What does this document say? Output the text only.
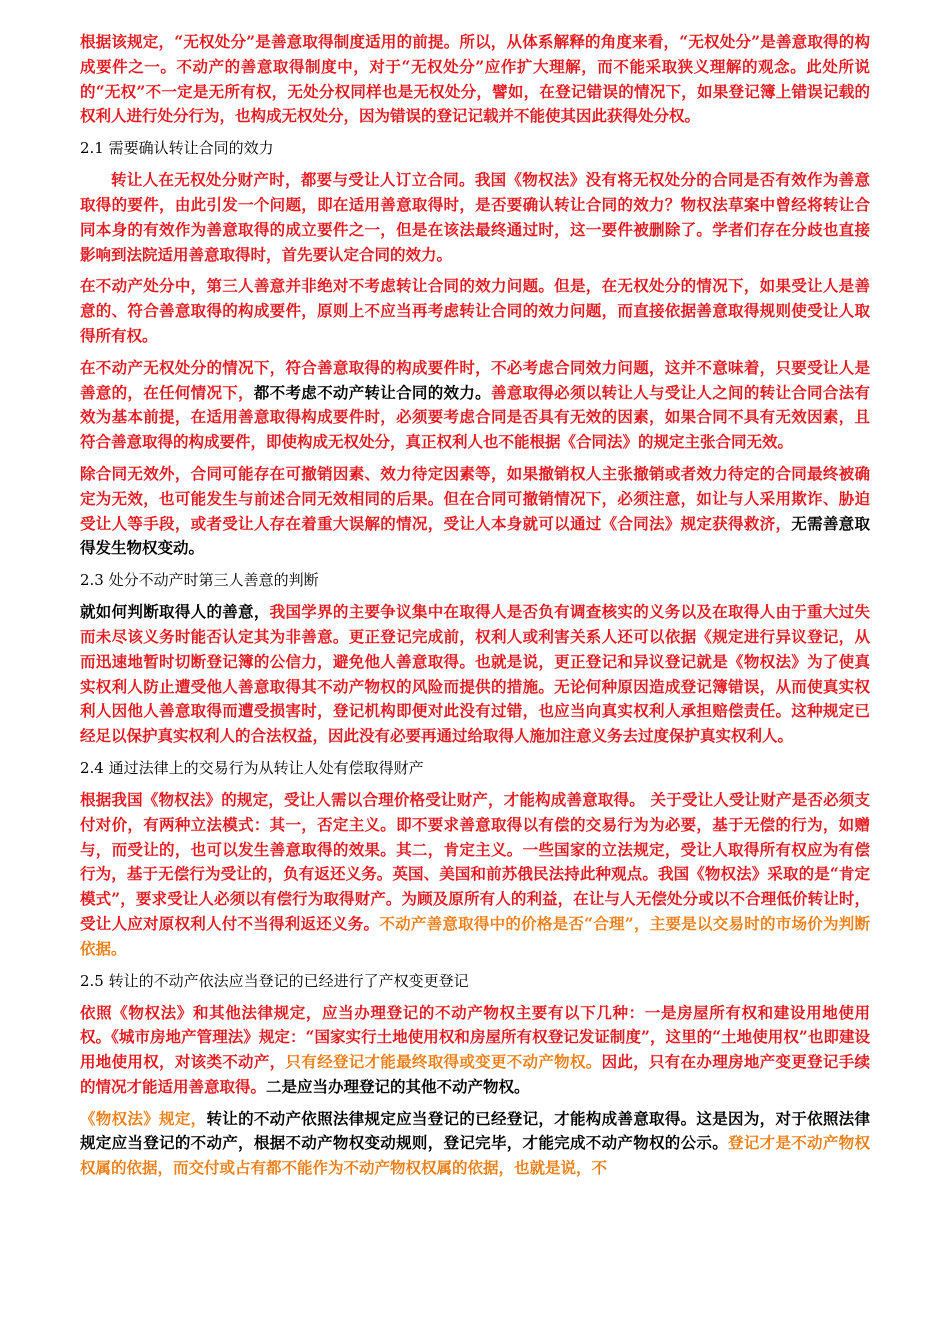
根据该规定，“无权处分”是善意取得制度适用的前提。所以，从体系解释的角度来看，“无权处分”是善意取得的构成要件之一。不动产的善意取得制度中，对于“无权处分”应作扩大理解，而不能采取狭义理解的观念。此处所说的“无权”不一定是无所有权，无处分权同样也是无权处分，譬如，在登记错误的情况下，如果登记簿上错误记载的权利人进行处分行为，也构成无权处分，因为错误的登记记载并不能使其因此获得处分权。

2.1 需要确认转让合同的效力

转让人在无权处分财产时，都要与受让人订立合同。我国《物权法》没有将无权处分的合同是否有效作为善意取得的要件，由此引发一个问题，即在适用善意取得时，是否要确认转让合同的效力？物权法草案中曾经将转让合同本身的有效作为善意取得的成立要件之一，但是在该法最终通过时，这一要件被删除了。学者们存在分歧也直接影响到法院适用善意取得时，首先要认定合同的效力。

在不动产处分中，第三人善意并非绝对不考虑转让合同的效力问题。但是，在无权处分的情况下，如果受让人是善意的、符合善意取得的构成要件，原则上不应当再考虑转让合同的效力问题，而直接依据善意取得规则使受让人取得所有权。

在不动产无权处分的情况下，符合善意取得的构成要件时，不必考虑合同效力问题，这并不意味着，只要受让人是善意的，在任何情况下，都不考虑不动产转让合同的效力。善意取得必须以转让人与受让人之间的转让合同合法有效为基本前提，在适用善意取得构成要件时，必须要考虑合同是否具有无效的因素，如果合同不具有无效因素，且符合善意取得的构成要件，即使构成无权处分，真正权利人也不能根据《合同法》的规定主张合同无效。

除合同无效外，合同可能存在可撤销因素、效力待定因素等，如果撤销权人主张撤销或者效力待定的合同最终被确定为无效，也可能发生与前述合同无效相同的后果。但在合同可撤销情况下，必须注意，如让与人采用欺诈、胁迫受让人等手段，或者受让人存在着重大误解的情况，受让人本身就可以通过《合同法》规定获得救济，无需善意取得发生物权变动。

2.3 处分不动产时第三人善意的判断

就如何判断取得人的善意，我国学界的主要争议集中在取得人是否负有调查核实的义务以及在取得人由于重大过失而未尽该义务时能否认定其为非善意。更正登记完成前，权利人或利害关系人还可以依据《规定进行异议登记，从而迅速地暂时切断登记簿的公信力，避免他人善意取得。也就是说，更正登记和异议登记就是《物权法》为了使真实权利人防止遭受他人善意取得其不动产物权的风险而提供的措施。无论何种原因造成登记簿错误，从而使真实权利人因他人善意取得而遭受损害时，登记机构即便对此没有过错，也应当向真实权利人承担赔偿责任。这种规定已经足以保护真实权利人的合法权益，因此没有必要再通过给取得人施加注意义务去过度保护真实权利人。

2.4 通过法律上的交易行为从转让人处有偿取得财产

根据我国《物权法》的规定，受让人需以合理价格受让财产，才能构成善意取得。 关于受让人受让财产是否必须支付对价，有两种立法模式：其一，否定主义。即不要求善意取得以有偿的交易行为为必要，基于无偿的行为，如赠与，而受让的，也可以发生善意取得的效果。其二，肯定主义。一些国家的立法规定，受让人取得所有权应为有偿行为，基于无偿行为受让的，负有返还义务。英国、美国和前苏俄民法持此种观点。我国《物权法》采取的是“肯定模式”，要求受让人必须以有偿行为取得财产。为顾及原所有人的利益，在让与人无偿处分或以不合理低价转让时，受让人应对原权利人付不当得利返还义务。不动产善意取得中的价格是否“合理”，主要是以交易时的市场价为判断依据。

2.5 转让的不动产依法应当登记的已经进行了产权变更登记

依照《物权法》和其他法律规定，应当办理登记的不动产物权主要有以下几种：一是房屋所有权和建设用地使用权。《城市房地产管理法》规定：“国家实行土地使用权和房屋所有权登记发证制度”，这里的“土地使用权”也即建设用地使用权，对该类不动产，只有经登记才能最终取得或变更不动产物权。因此，只有在办理房地产变更登记手续的情况才能适用善意取得。二是应当办理登记的其他不动产物权。

《物权法》规定，转让的不动产依照法律规定应当登记的已经登记，才能构成善意取得。这是因为，对于依照法律规定应当登记的不动产，根据不动产物权变动规则，登记完毕，才能完成不动产物权的公示。登记才是不动产物权权属的依据，而交付或占有都不能作为不动产物权权属的依据，也就是说，不
